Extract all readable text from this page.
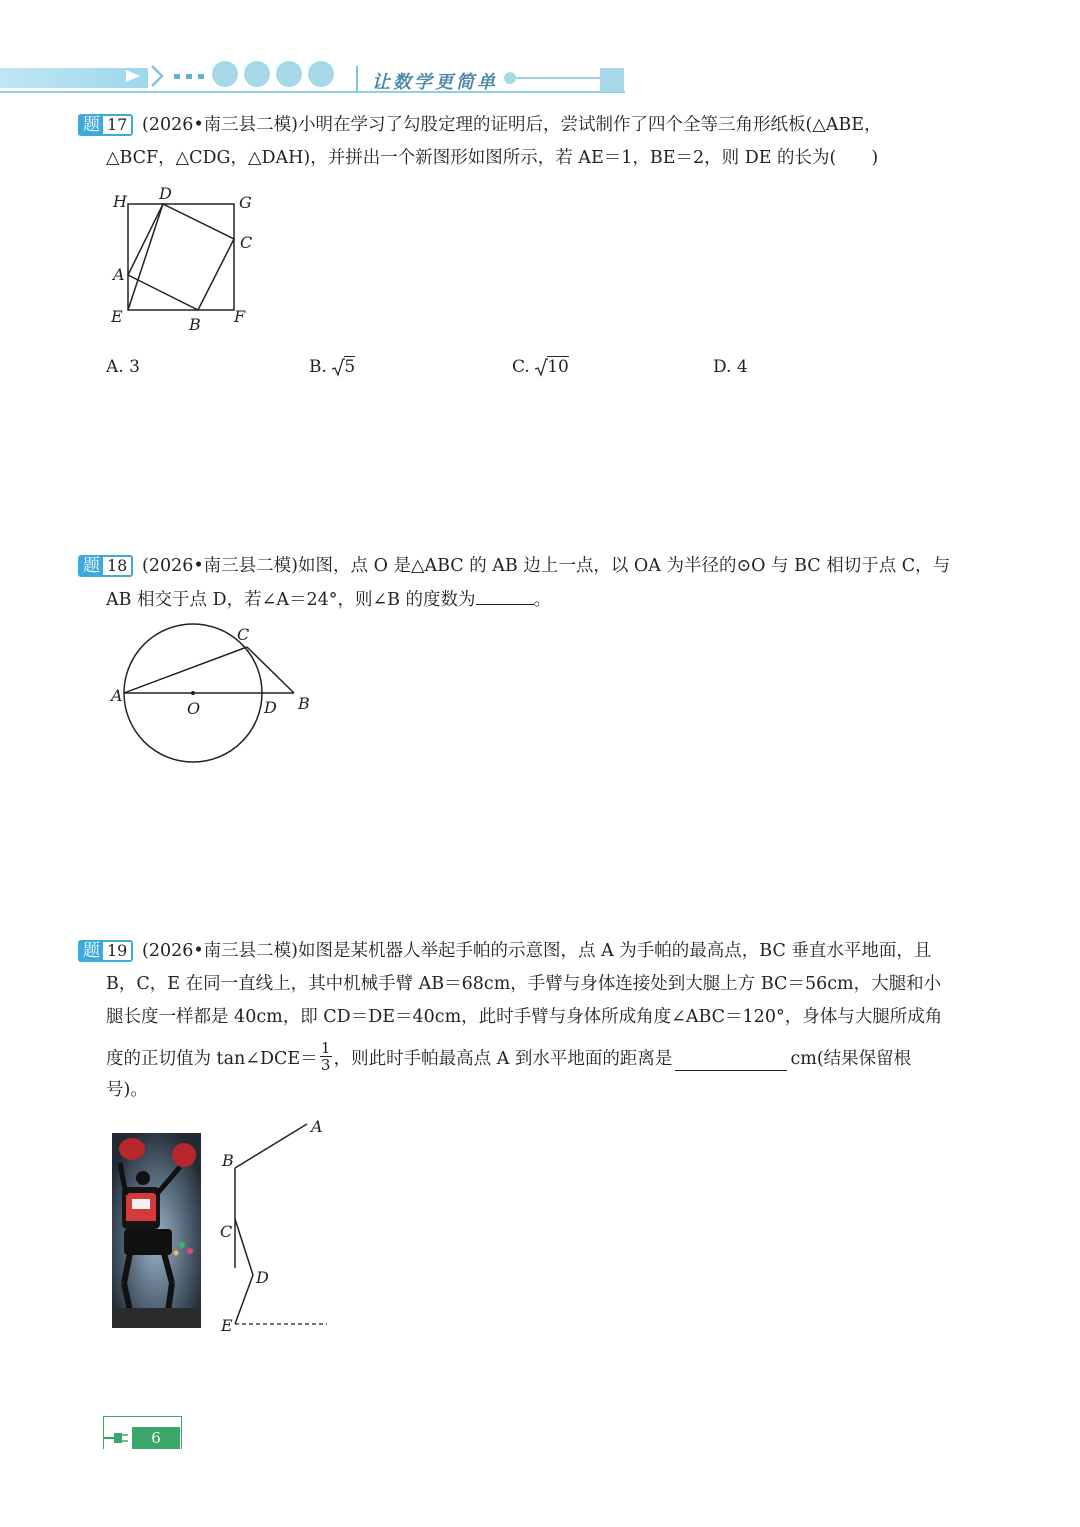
让数学更简单
题 17 (2026•南三县二模)小明在学习了勾股定理的证明后，尝试制作了四个全等三角形纸板(△ABE，
△BCF，△CDG，△DAH)，并拼出一个新图形如图所示，若 AE＝1，BE＝2，则 DE 的长为(　　)
H D	G
C
A
E	B F
A. 3	B.
5	C.
10	D. 4
题 18 (2026•南三县二模)如图，点 O 是△ABC 的 AB 边上一点，以 OA 为半径的⊙O 与 BC 相切于点 C，与
AB 相交于点 D，若∠A＝24°，则∠B 的度数为	。
A
O	D B
C
题 19 (2026•南三县二模)如图是某机器人举起手帕的示意图，点 A 为手帕的最高点，BC 垂直水平地面，且
B，C，E 在同一直线上，其中机械手臂 AB＝68cm，手臂与身体连接处到大腿上方 BC＝56cm，大腿和小
腿长度一样都是 40cm，即 CD＝DE＝40cm，此时手臂与身体所成角度∠ABC＝120°，身体与大腿所成角
度的正切值为 tan∠DCE＝
1
3 ，则此时手帕最高点 A 到水平地面的距离是	cm(结果保留根
号)。
A
B
C
D
E
6
